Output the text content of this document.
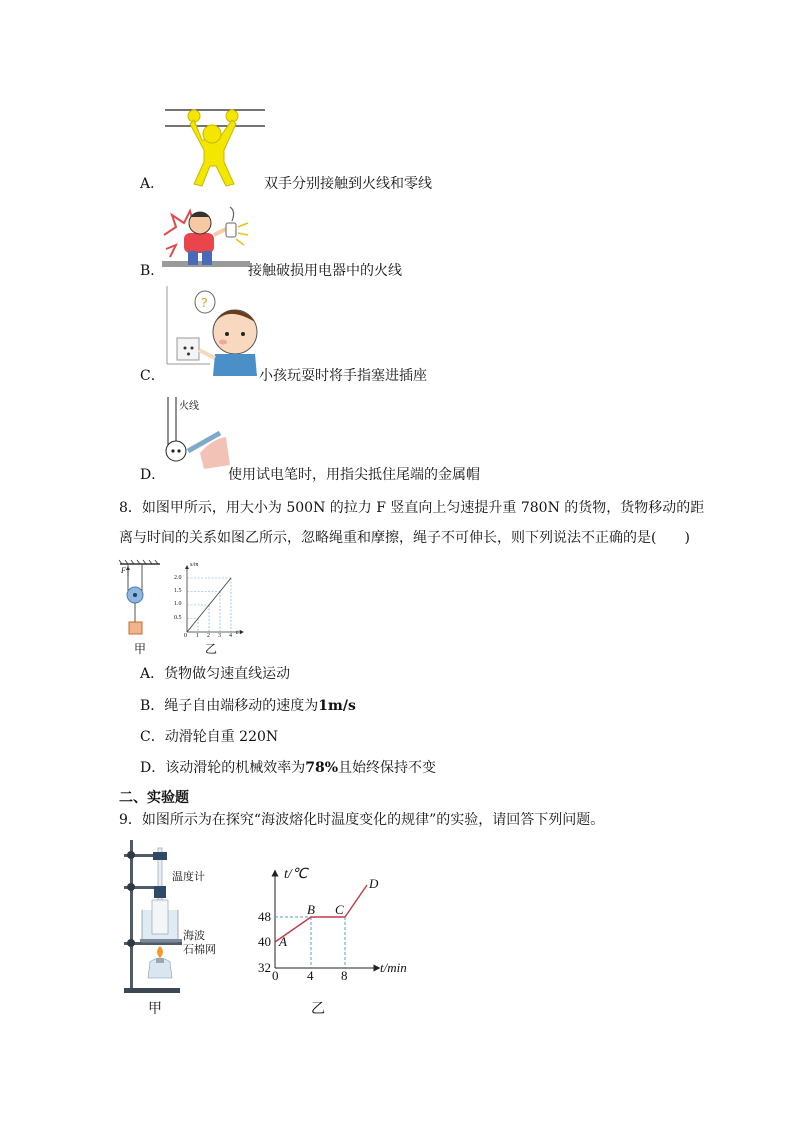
A．	双手分别接触到火线和零线
B．	接触破损用电器中的火线
?
C．	小孩玩耍时将手指塞进插座
火线
D．	使用试电笔时，用指尖抵住尾端的金属帽
8．如图甲所示，用大小为 500N 的拉力 F 竖直向上匀速提升重 780N 的货物，货物移动的距
离与时间的关系如图乙所示，忽略绳重和摩擦，绳子不可伸长，则下列说法不正确的是(　　)
F
甲
s/m
t/s
2.0
1.5
1.0
0.5
0 1 2 3 4
乙
A．货物做匀速直线运动
B．绳子自由端移动的速度为1m/s
C．动滑轮自重 220N
D．该动滑轮的机械效率为78%且始终保持不变
二、实验题
9．如图所示为在探究“海波熔化时温度变化的规律”的实验，请回答下列问题。
温度计
海波
石棉网
甲
t/℃
t/min
48
40
32
0 4 8
A
B C
D
乙
